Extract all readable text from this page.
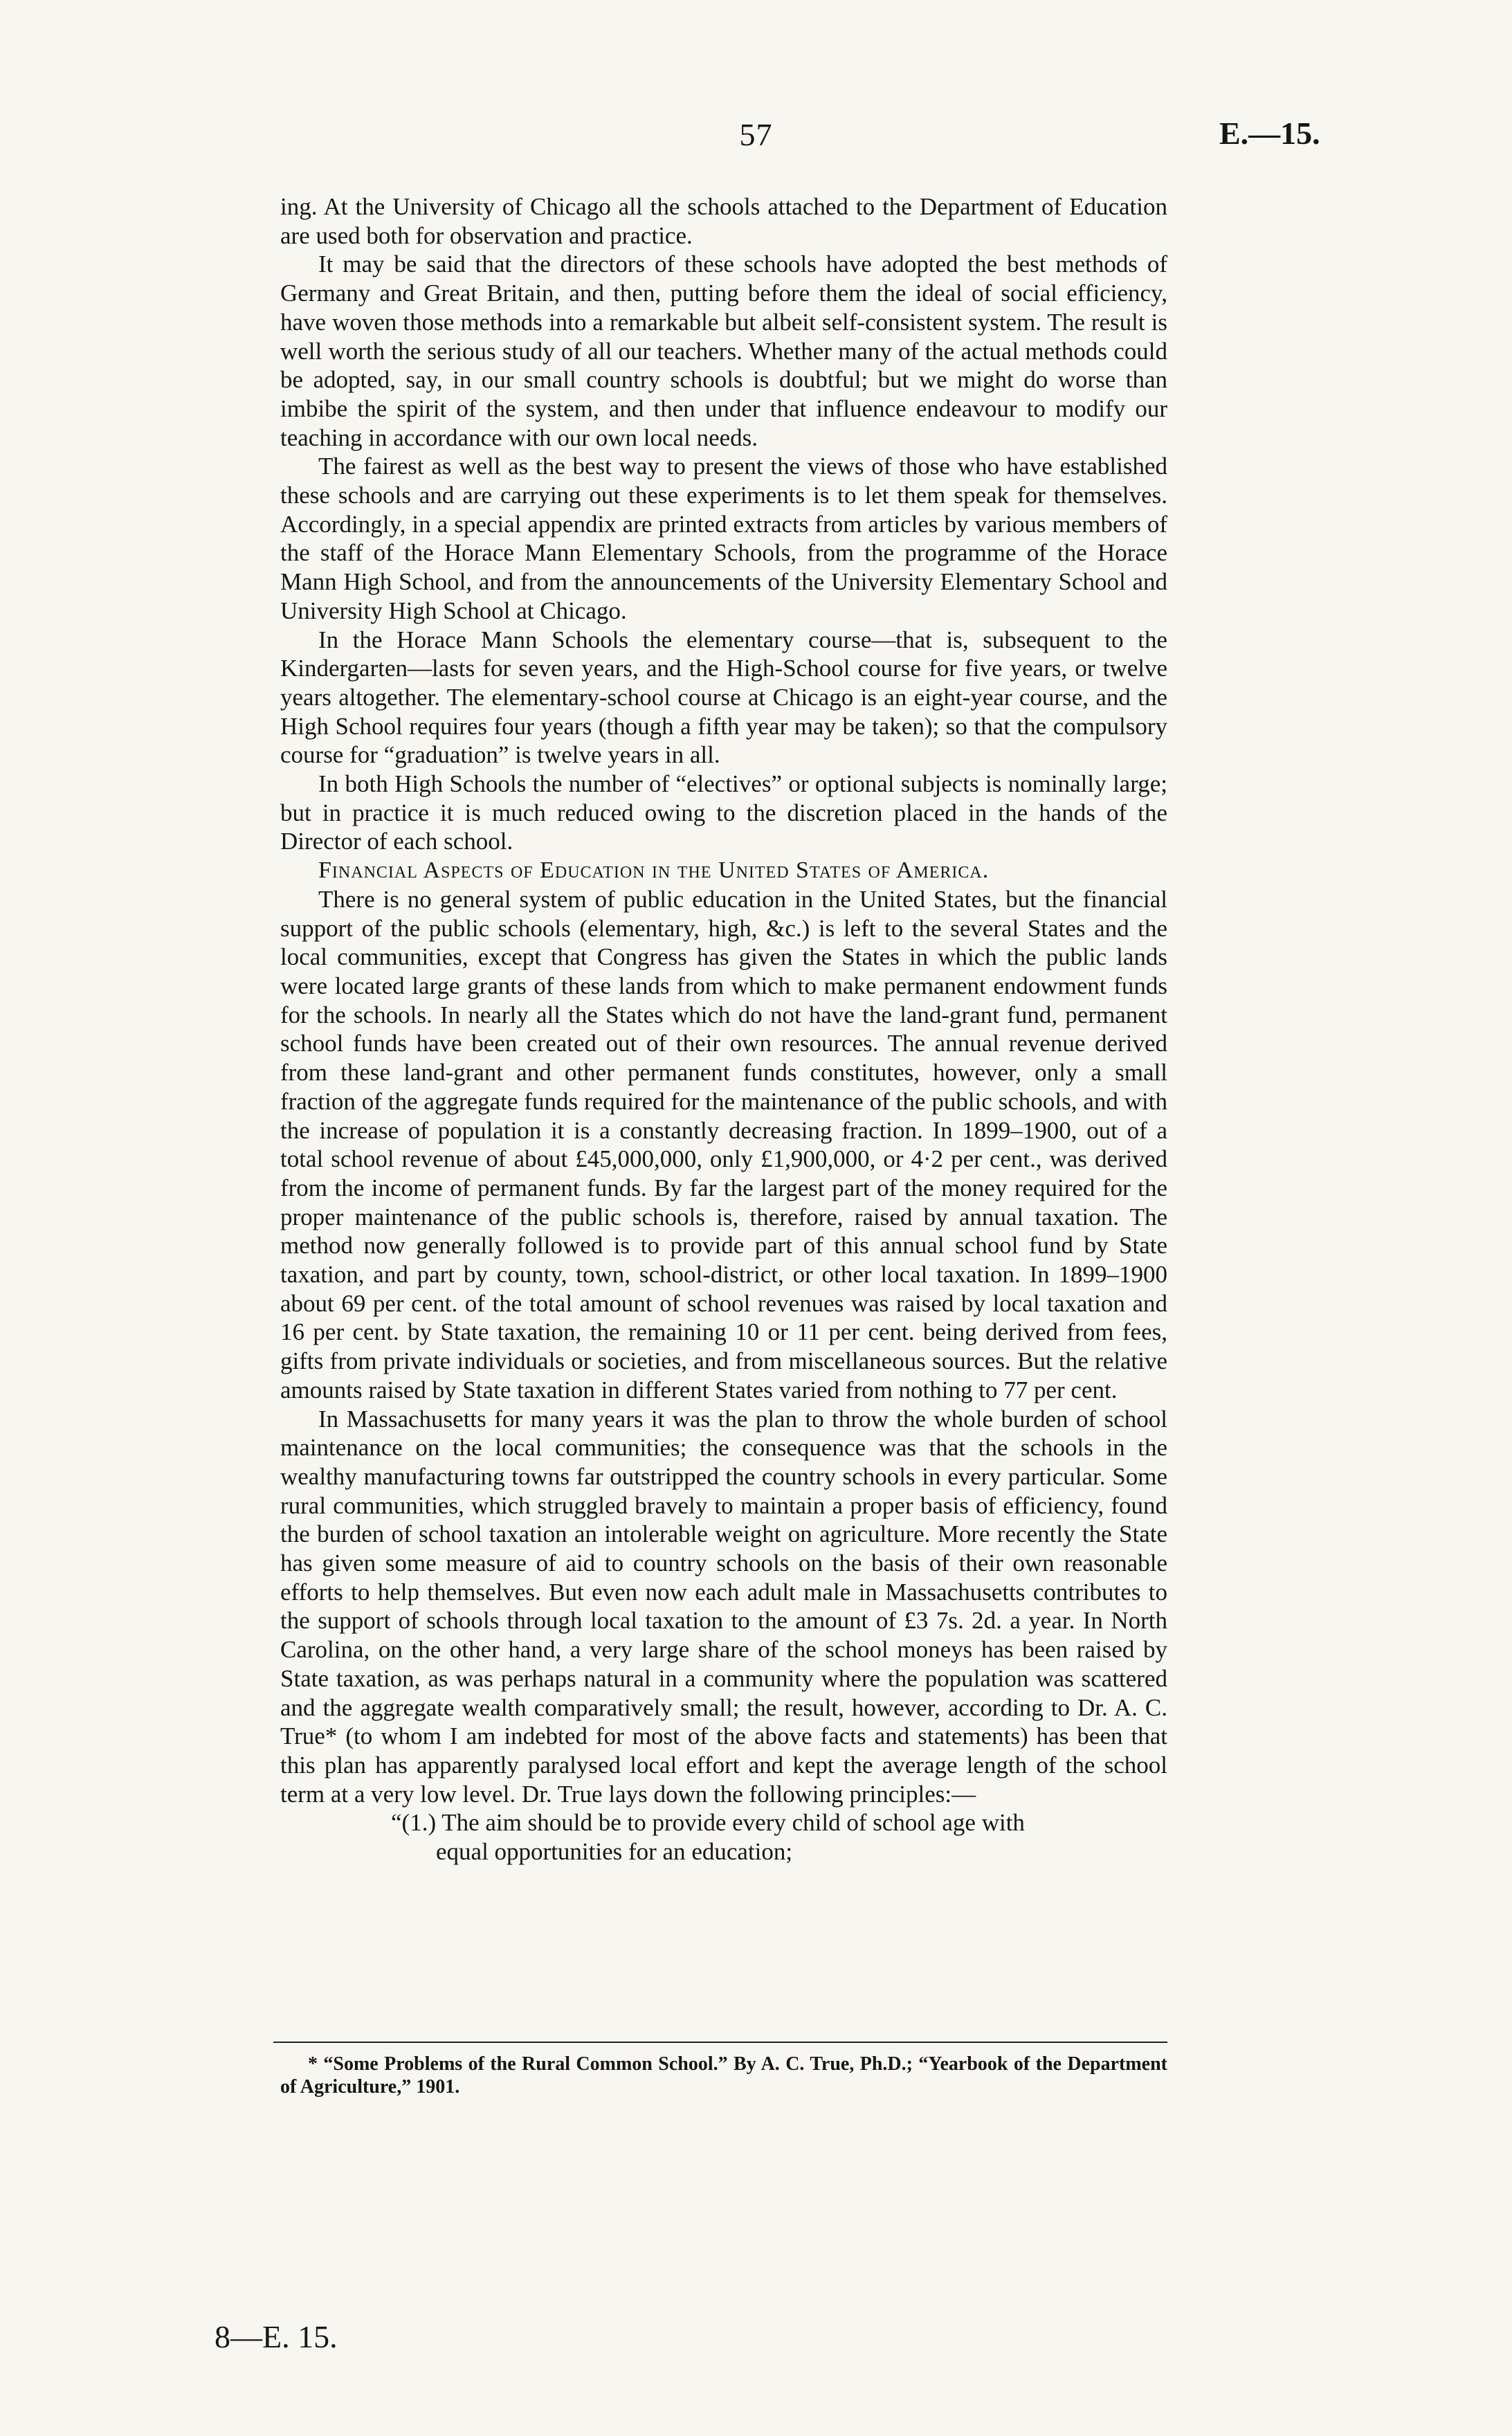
57	E.—15.

ing. At the University of Chicago all the schools attached to the Department of Education are used both for observation and practice.

It may be said that the directors of these schools have adopted the best methods of Germany and Great Britain, and then, putting before them the ideal of social efficiency, have woven those methods into a remarkable but albeit self-consistent system. The result is well worth the serious study of all our teachers. Whether many of the actual methods could be adopted, say, in our small country schools is doubtful; but we might do worse than imbibe the spirit of the system, and then under that influence endeavour to modify our teaching in accordance with our own local needs.

The fairest as well as the best way to present the views of those who have established these schools and are carrying out these experiments is to let them speak for themselves. Accordingly, in a special appendix are printed extracts from articles by various members of the staff of the Horace Mann Elementary Schools, from the programme of the Horace Mann High School, and from the announcements of the University Elementary School and University High School at Chicago.

In the Horace Mann Schools the elementary course—that is, subsequent to the Kindergarten—lasts for seven years, and the High-School course for five years, or twelve years altogether. The elementary-school course at Chicago is an eight-year course, and the High School requires four years (though a fifth year may be taken); so that the compulsory course for “graduation” is twelve years in all.

In both High Schools the number of “electives” or optional subjects is nominally large; but in practice it is much reduced owing to the discretion placed in the hands of the Director of each school.

Financial Aspects of Education in the United States of America.

There is no general system of public education in the United States, but the financial support of the public schools (elementary, high, &c.) is left to the several States and the local communities, except that Congress has given the States in which the public lands were located large grants of these lands from which to make permanent endowment funds for the schools. In nearly all the States which do not have the land-grant fund, permanent school funds have been created out of their own resources. The annual revenue derived from these land-grant and other permanent funds constitutes, however, only a small fraction of the aggregate funds required for the maintenance of the public schools, and with the increase of population it is a constantly decreasing fraction. In 1899–1900, out of a total school revenue of about £45,000,000, only £1,900,000, or 4·2 per cent., was derived from the income of permanent funds. By far the largest part of the money required for the proper maintenance of the public schools is, therefore, raised by annual taxation. The method now generally followed is to provide part of this annual school fund by State taxation, and part by county, town, school-district, or other local taxation. In 1899–1900 about 69 per cent. of the total amount of school revenues was raised by local taxation and 16 per cent. by State taxation, the remaining 10 or 11 per cent. being derived from fees, gifts from private individuals or societies, and from miscellaneous sources. But the relative amounts raised by State taxation in different States varied from nothing to 77 per cent.

In Massachusetts for many years it was the plan to throw the whole burden of school maintenance on the local communities; the consequence was that the schools in the wealthy manufacturing towns far outstripped the country schools in every particular. Some rural communities, which struggled bravely to maintain a proper basis of efficiency, found the burden of school taxation an intolerable weight on agriculture. More recently the State has given some measure of aid to country schools on the basis of their own reasonable efforts to help themselves. But even now each adult male in Massachusetts contributes to the support of schools through local taxation to the amount of £3 7s. 2d. a year. In North Carolina, on the other hand, a very large share of the school moneys has been raised by State taxation, as was perhaps natural in a community where the population was scattered and the aggregate wealth comparatively small; the result, however, according to Dr. A. C. True* (to whom I am indebted for most of the above facts and statements) has been that this plan has apparently paralysed local effort and kept the average length of the school term at a very low level. Dr. True lays down the following principles:—

“(1.) The aim should be to provide every child of school age with
equal opportunities for an education;

* “Some Problems of the Rural Common School.” By A. C. True, Ph.D.; “Yearbook of the Department of Agriculture,” 1901.
8—E. 15.
